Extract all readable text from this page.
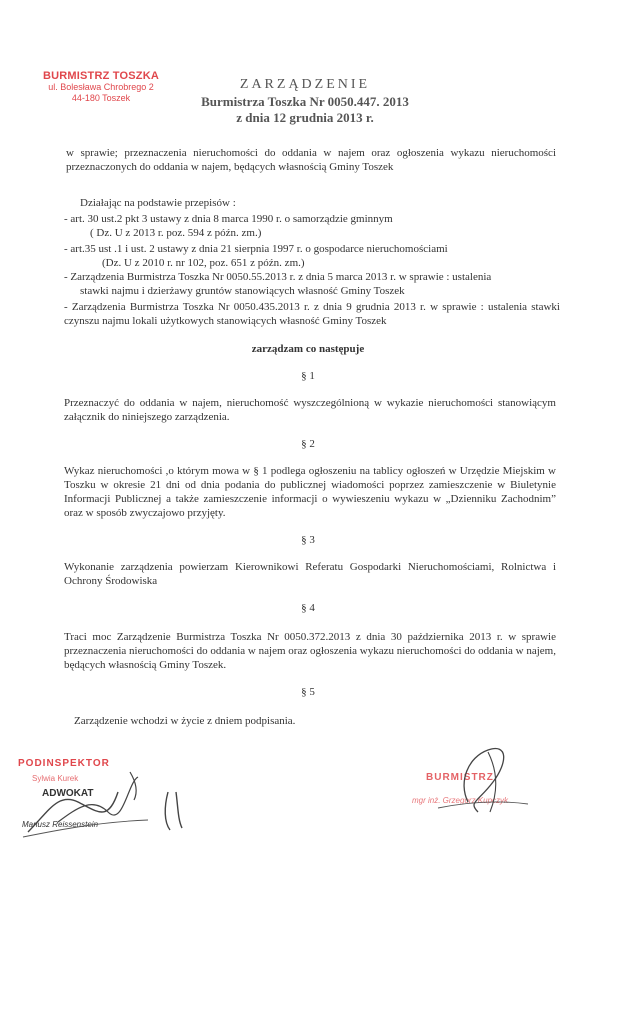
BURMISTRZ TOSZKA
ul. Bolesława Chrobrego 2
44-180 Toszek
ZARZĄDZENIE
Burmistrza Toszka Nr 0050.447. 2013
z dnia 12 grudnia 2013 r.
w sprawie; przeznaczenia nieruchomości do oddania w najem oraz ogłoszenia wykazu nieruchomości przeznaczonych do oddania w najem, będących własnością Gminy Toszek
Działając na podstawie przepisów :
- art. 30 ust.2 pkt 3 ustawy z dnia 8 marca 1990 r. o samorządzie gminnym
( Dz. U z 2013 r. poz. 594 z późn. zm.)
- art.35 ust .1 i ust. 2 ustawy z dnia 21 sierpnia 1997 r. o gospodarce nieruchomościami
(Dz. U z 2010 r. nr 102, poz. 651 z późn. zm.)
- Zarządzenia Burmistrza Toszka Nr 0050.55.2013 r. z dnia 5 marca 2013 r. w sprawie : ustalenia
stawki najmu i dzierżawy gruntów stanowiących własność Gminy Toszek
- Zarządzenia Burmistrza Toszka Nr 0050.435.2013 r. z dnia 9 grudnia 2013 r. w sprawie : ustalenia stawki czynszu najmu lokali użytkowych stanowiących własność Gminy Toszek
zarządzam co następuje
§ 1
Przeznaczyć do oddania w najem, nieruchomość wyszczególnioną w wykazie nieruchomości stanowiącym załącznik do niniejszego zarządzenia.
§ 2
Wykaz nieruchomości ,o którym mowa w § 1 podlega ogłoszeniu na tablicy ogłoszeń w Urzędzie Miejskim w Toszku w okresie 21 dni od dnia podania do publicznej wiadomości poprzez zamieszczenie w Biuletynie Informacji Publicznej a także zamieszczenie informacji o wywieszeniu wykazu w „Dzienniku Zachodnim” oraz w sposób zwyczajowo przyjęty.
§ 3
Wykonanie zarządzenia powierzam Kierownikowi Referatu Gospodarki Nieruchomościami, Rolnictwa i Ochrony Środowiska
§ 4
Traci moc Zarządzenie Burmistrza Toszka Nr 0050.372.2013 z dnia 30 października 2013 r. w sprawie przeznaczenia nieruchomości do oddania w najem oraz ogłoszenia wykazu nieruchomości do oddania w najem, będących własnością Gminy Toszek.
§ 5
Zarządzenie wchodzi w życie z dniem podpisania.
PODINSPEKTOR
Sylwia Kurek
ADWOKAT
Mariusz Reissenstein
BURMISTRZ
mgr inż. Grzegorz Kupczyk
